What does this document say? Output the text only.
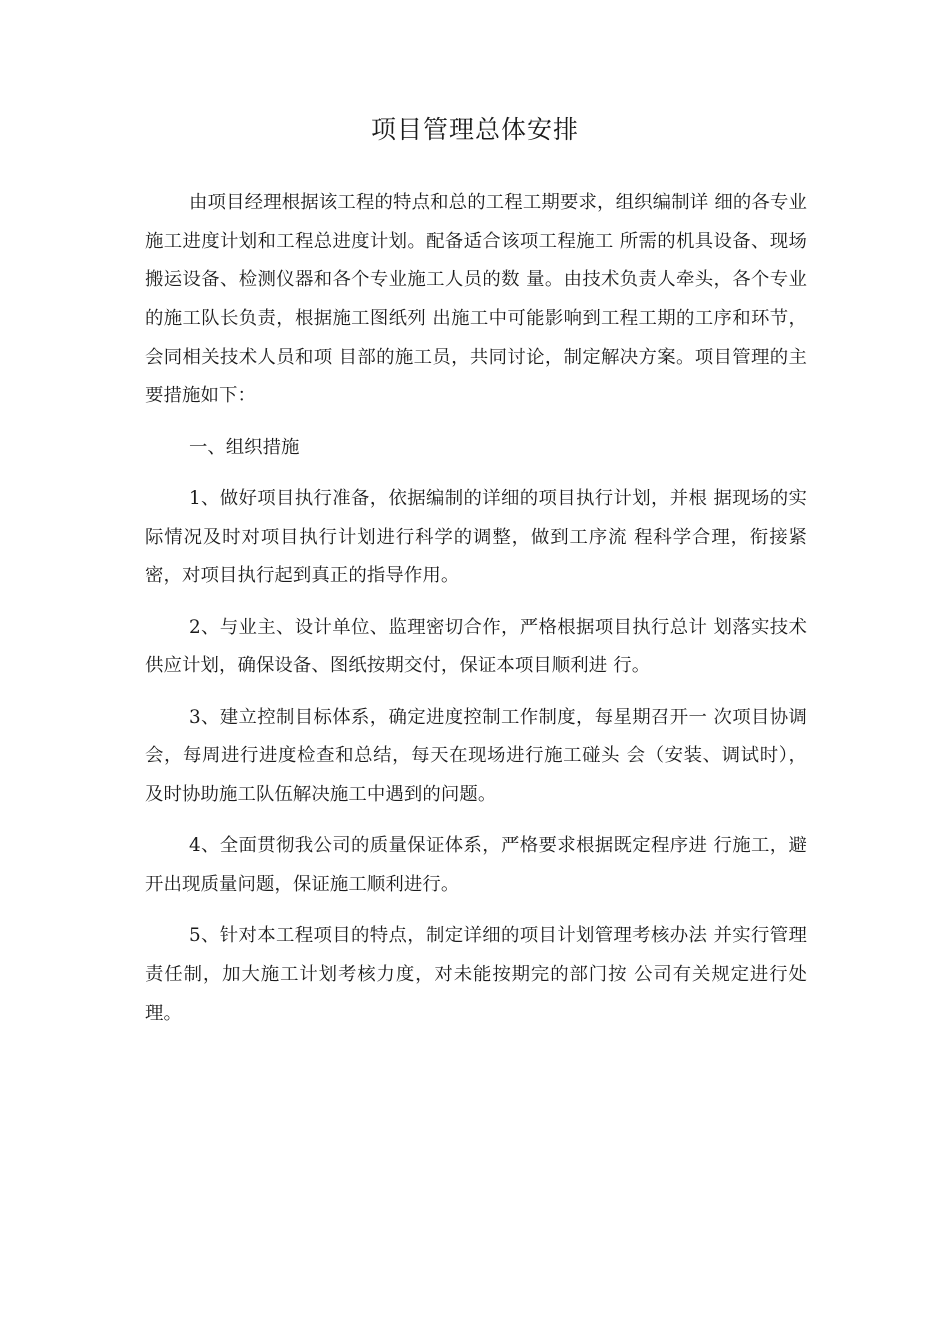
项目管理总体安排

由项目经理根据该工程的特点和总的工程工期要求，组织编制详 细的各专业施工进度计划和工程总进度计划。配备适合该项工程施工 所需的机具设备、现场搬运设备、检测仪器和各个专业施工人员的数 量。由技术负责人牵头，各个专业的施工队长负责，根据施工图纸列 出施工中可能影响到工程工期的工序和环节，会同相关技术人员和项 目部的施工员，共同讨论，制定解决方案。项目管理的主要措施如下：

一、组织措施

1、做好项目执行准备，依据编制的详细的项目执行计划，并根 据现场的实际情况及时对项目执行计划进行科学的调整，做到工序流 程科学合理，衔接紧密，对项目执行起到真正的指导作用。

2、与业主、设计单位、监理密切合作，严格根据项目执行总计 划落实技术供应计划，确保设备、图纸按期交付，保证本项目顺利进 行。

3、建立控制目标体系，确定进度控制工作制度，每星期召开一 次项目协调会，每周进行进度检查和总结，每天在现场进行施工碰头 会（安装、调试时），及时协助施工队伍解决施工中遇到的问题。

4、全面贯彻我公司的质量保证体系，严格要求根据既定程序进 行施工，避开出现质量问题，保证施工顺利进行。

5、针对本工程项目的特点，制定详细的项目计划管理考核办法 并实行管理责任制，加大施工计划考核力度，对未能按期完的部门按 公司有关规定进行处理。
